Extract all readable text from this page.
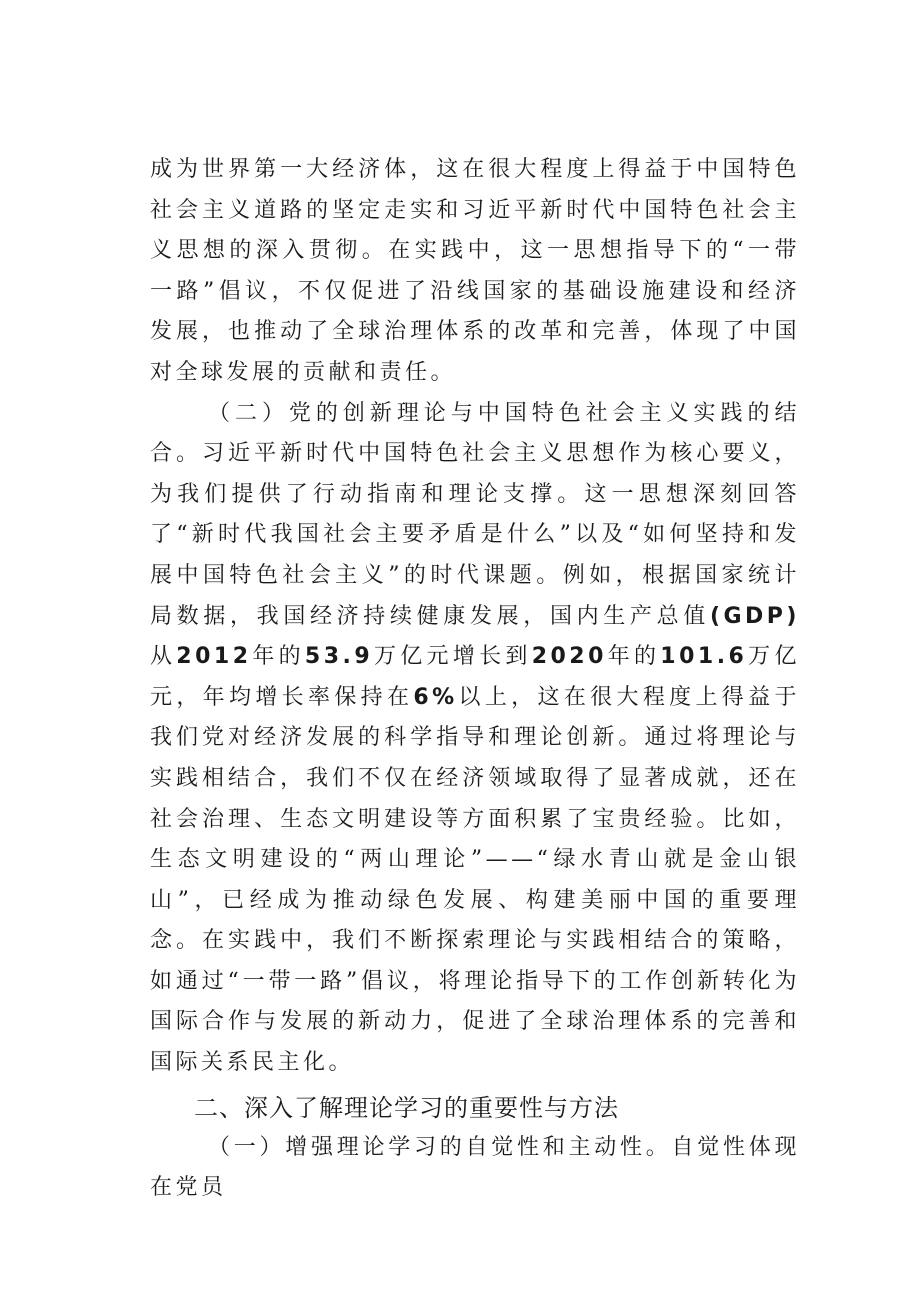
成为世界第一大经济体，这在很大程度上得益于中国特色社会主义道路的坚定走实和习近平新时代中国特色社会主义思想的深入贯彻。在实践中，这一思想指导下的“一带一路”倡议，不仅促进了沿线国家的基础设施建设和经济发展，也推动了全球治理体系的改革和完善，体现了中国对全球发展的贡献和责任。

（二）党的创新理论与中国特色社会主义实践的结合。习近平新时代中国特色社会主义思想作为核心要义，为我们提供了行动指南和理论支撑。这一思想深刻回答了“新时代我国社会主要矛盾是什么”以及“如何坚持和发展中国特色社会主义”的时代课题。例如，根据国家统计局数据，我国经济持续健康发展，国内生产总值(GDP)从2012年的53.9万亿元增长到2020年的101.6万亿元，年均增长率保持在6%以上，这在很大程度上得益于我们党对经济发展的科学指导和理论创新。通过将理论与实践相结合，我们不仅在经济领域取得了显著成就，还在社会治理、生态文明建设等方面积累了宝贵经验。比如，生态文明建设的“两山理论”——“绿水青山就是金山银山”，已经成为推动绿色发展、构建美丽中国的重要理念。在实践中，我们不断探索理论与实践相结合的策略，如通过“一带一路”倡议，将理论指导下的工作创新转化为国际合作与发展的新动力，促进了全球治理体系的完善和国际关系民主化。

二、深入了解理论学习的重要性与方法

（一）增强理论学习的自觉性和主动性。自觉性体现在党员
